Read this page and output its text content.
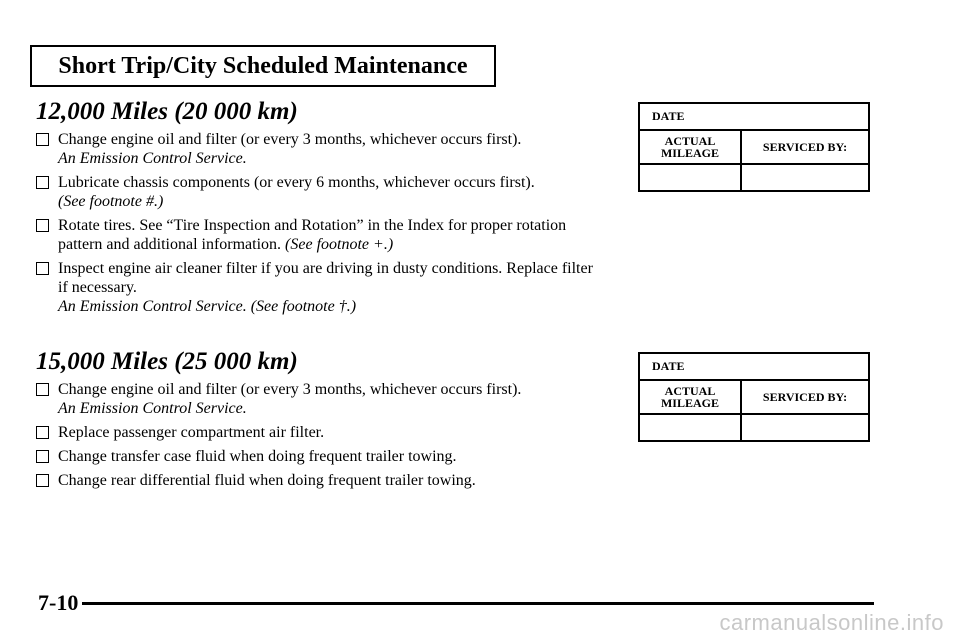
Short Trip/City Scheduled Maintenance
12,000 Miles (20 000 km)
Change engine oil and filter (or every 3 months, whichever occurs first).
An Emission Control Service.
Lubricate chassis components (or every 6 months, whichever occurs first).
(See footnote #.)
Rotate tires. See “Tire Inspection and Rotation” in the Index for proper rotation pattern and additional information. (See footnote +.)
Inspect engine air cleaner filter if you are driving in dusty conditions. Replace filter if necessary.
An Emission Control Service. (See footnote †.)
DATE
ACTUAL MILEAGE	SERVICED BY:
15,000 Miles (25 000 km)
Change engine oil and filter (or every 3 months, whichever occurs first).
An Emission Control Service.
Replace passenger compartment air filter.
Change transfer case fluid when doing frequent trailer towing.
Change rear differential fluid when doing frequent trailer towing.
DATE
ACTUAL MILEAGE	SERVICED BY:
7-10
carmanualsonline.info
